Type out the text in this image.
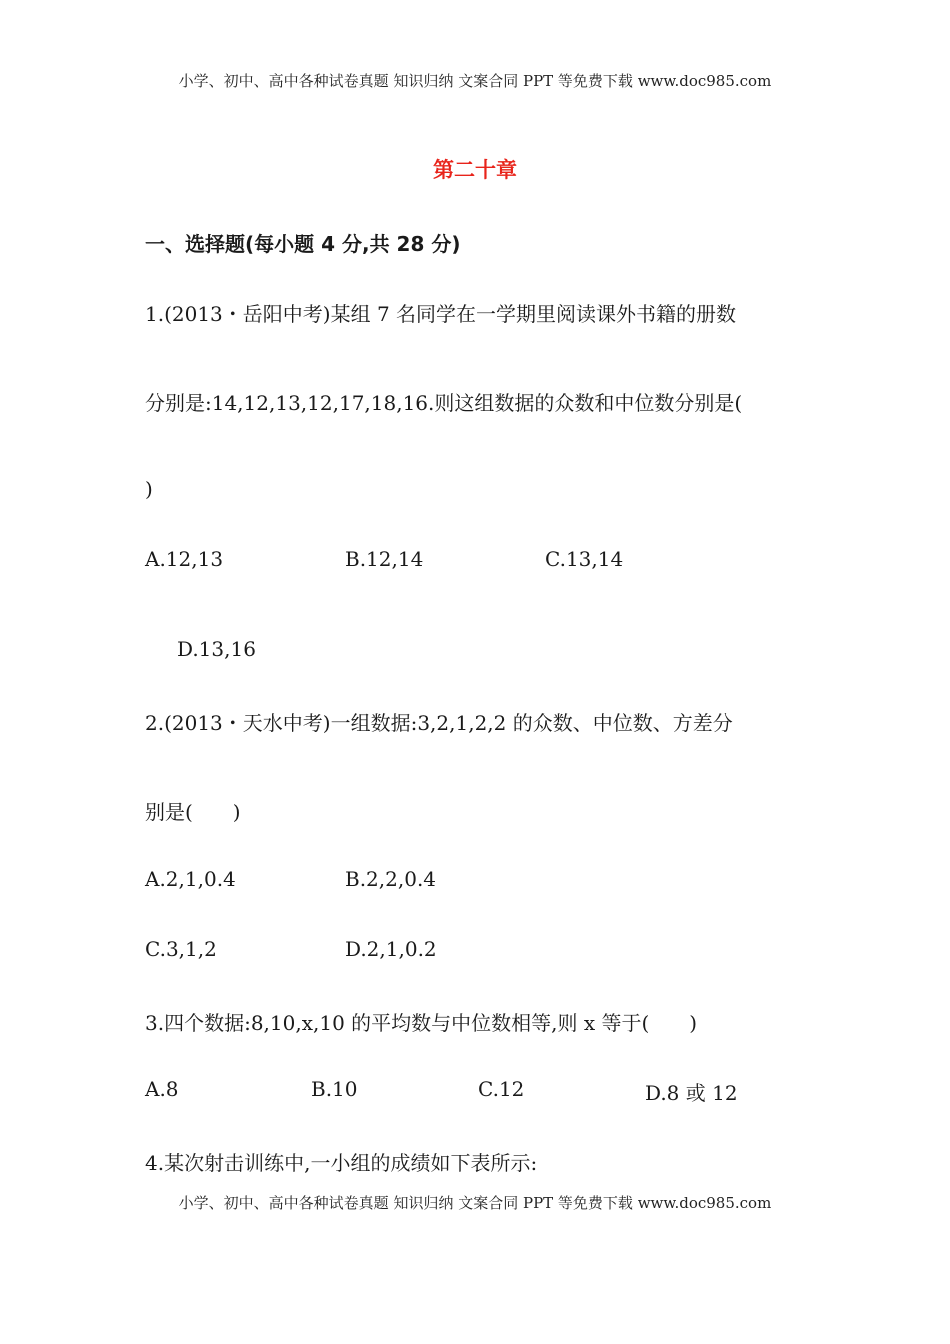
小学、初中、高中各种试卷真题 知识归纳 文案合同 PPT 等免费下载 www.doc985.com
第二十章
一、选择题(每小题 4 分,共 28 分)
1.(2013・岳阳中考)某组 7 名同学在一学期里阅读课外书籍的册数
分别是:14,12,13,12,17,18,16.则这组数据的众数和中位数分别是(
)
A.12,13	B.12,14	C.13,14
D.13,16
2.(2013・天水中考)一组数据:3,2,1,2,2 的众数、中位数、方差分
别是(　　)
A.2,1,0.4	B.2,2,0.4
C.3,1,2	D.2,1,0.2
3.四个数据:8,10,x,10 的平均数与中位数相等,则 x 等于(　　)
A.8	B.10	C.12	D.8 或 12
4.某次射击训练中,一小组的成绩如下表所示:
小学、初中、高中各种试卷真题 知识归纳 文案合同 PPT 等免费下载 www.doc985.com
